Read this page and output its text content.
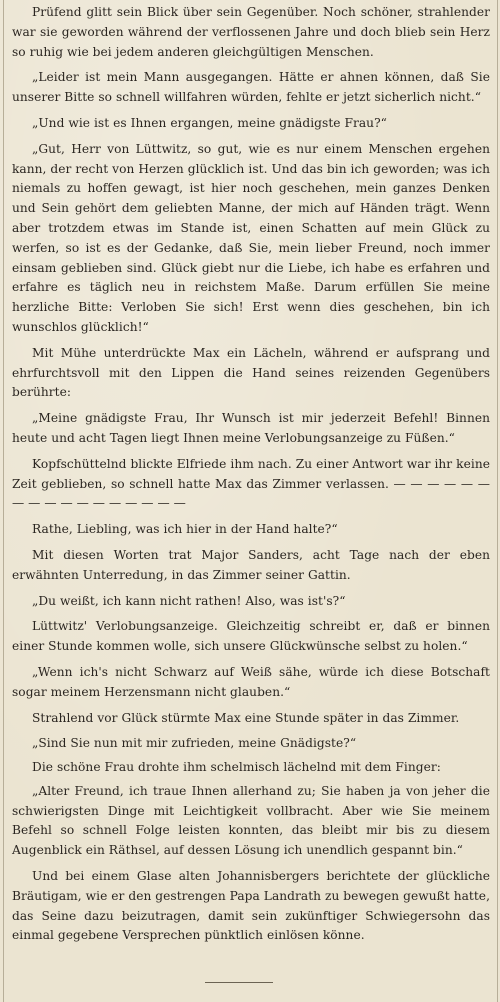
Prüfend glitt sein Blick über sein Gegenüber. Noch schöner, strahlender war sie geworden während der verflossenen Jahre und doch blieb sein Herz so ruhig wie bei jedem anderen gleichgültigen Menschen.

„Leider ist mein Mann ausgegangen. Hätte er ahnen können, daß Sie unserer Bitte so schnell willfahren würden, fehlte er jetzt sicherlich nicht.“

„Und wie ist es Ihnen ergangen, meine gnädigste Frau?“

„Gut, Herr von Lüttwitz, so gut, wie es nur einem Menschen ergehen kann, der recht von Herzen glücklich ist. Und das bin ich geworden; was ich niemals zu hoffen gewagt, ist hier noch geschehen, mein ganzes Denken und Sein gehört dem geliebten Manne, der mich auf Händen trägt. Wenn aber trotzdem etwas im Stande ist, einen Schatten auf mein Glück zu werfen, so ist es der Gedanke, daß Sie, mein lieber Freund, noch immer einsam geblieben sind. Glück giebt nur die Liebe, ich habe es erfahren und erfahre es täglich neu in reichstem Maße. Darum erfüllen Sie meine herzliche Bitte: Verloben Sie sich! Erst wenn dies geschehen, bin ich wunschlos glücklich!“

Mit Mühe unterdrückte Max ein Lächeln, während er aufsprang und ehrfurchtsvoll mit den Lippen die Hand seines reizenden Gegenübers berührte:

„Meine gnädigste Frau, Ihr Wunsch ist mir jederzeit Befehl! Binnen heute und acht Tagen liegt Ihnen meine Verlobungsanzeige zu Füßen.“

Kopfschüttelnd blickte Elfriede ihm nach. Zu einer Antwort war ihr keine Zeit geblieben, so schnell hatte Max das Zimmer verlassen. — — — — — — — — — — — — — — — — —

Rathe, Liebling, was ich hier in der Hand halte?“

Mit diesen Worten trat Major Sanders, acht Tage nach der eben erwähnten Unterredung, in das Zimmer seiner Gattin.

„Du weißt, ich kann nicht rathen! Also, was ist's?“

Lüttwitz' Verlobungsanzeige. Gleichzeitig schreibt er, daß er binnen einer Stunde kommen wolle, sich unsere Glückwünsche selbst zu holen.“

„Wenn ich's nicht Schwarz auf Weiß sähe, würde ich diese Botschaft sogar meinem Herzensmann nicht glauben.“

Strahlend vor Glück stürmte Max eine Stunde später in das Zimmer.

„Sind Sie nun mit mir zufrieden, meine Gnädigste?“

Die schöne Frau drohte ihm schelmisch lächelnd mit dem Finger:

„Alter Freund, ich traue Ihnen allerhand zu; Sie haben ja von jeher die schwierigsten Dinge mit Leichtigkeit vollbracht. Aber wie Sie meinem Befehl so schnell Folge leisten konnten, das bleibt mir bis zu diesem Augenblick ein Räthsel, auf dessen Lösung ich unendlich gespannt bin.“

Und bei einem Glase alten Johannisbergers berichtete der glückliche Bräutigam, wie er den gestrengen Papa Landrath zu bewegen gewußt hatte, das Seine dazu beizutragen, damit sein zukünftiger Schwiegersohn das einmal gegebene Versprechen pünktlich einlösen könne.
